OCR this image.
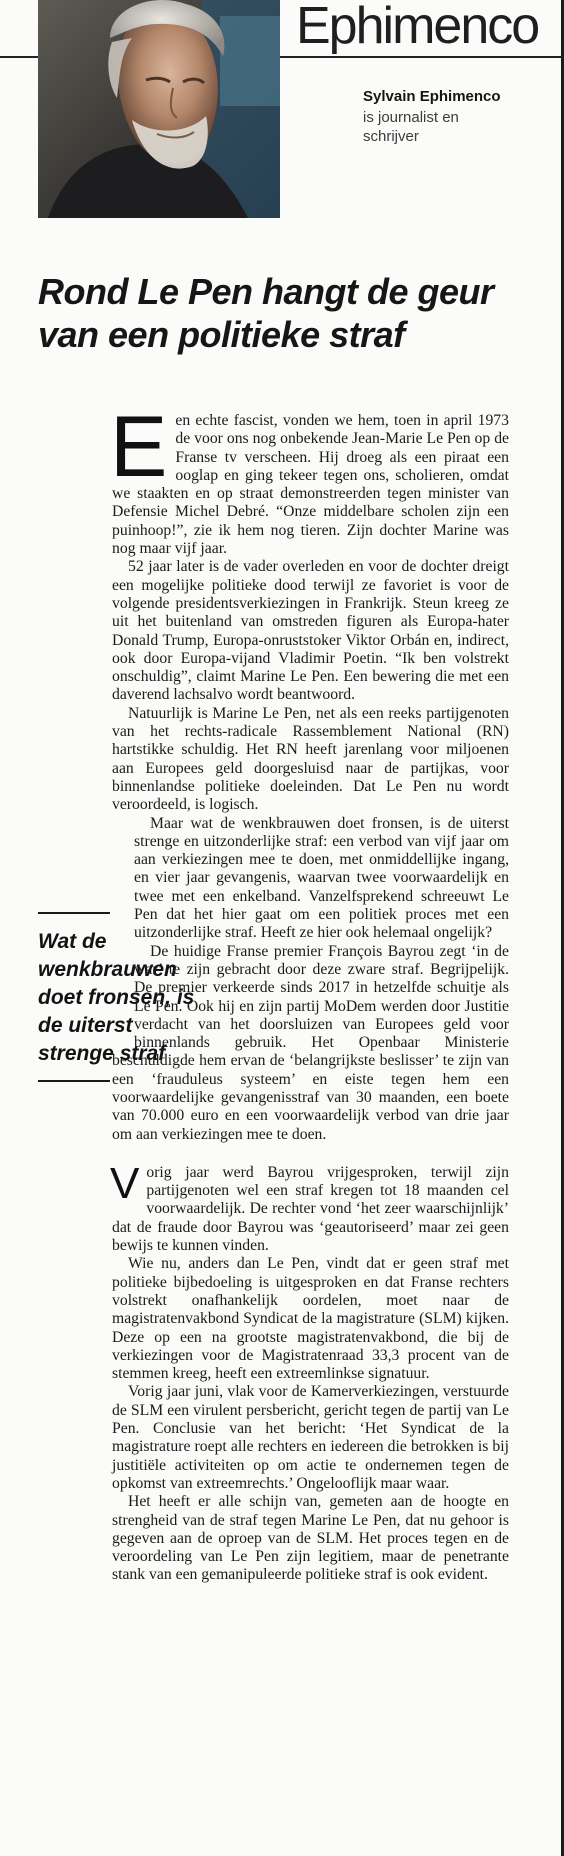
Ephimenco
Sylvain Ephimenco
is journalist en schrijver
Rond Le Pen hangt de geur van een politieke straf
Wat de wenkbrauwen doet fronsen, is de uiterst strenge straf

E en echte fascist, vonden we hem, toen in april 1973 de voor ons nog onbekende Jean-Marie Le Pen op de Franse tv verscheen. Hij droeg als een piraat een ooglap en ging tekeer tegen ons, scholieren, omdat we staakten en op straat demonstreerden tegen minister van Defensie Michel Debré. “Onze middelbare scholen zijn een puinhoop!”, zie ik hem nog tieren. Zijn dochter Marine was nog maar vijf jaar.

52 jaar later is de vader overleden en voor de dochter dreigt een mogelijke politieke dood terwijl ze favoriet is voor de volgende presidentsverkiezingen in Frankrijk. Steun kreeg ze uit het buitenland van omstreden figuren als Europa-hater Donald Trump, Europa-onruststoker Viktor Orbán en, indirect, ook door Europa-vijand Vladimir Poetin. “Ik ben volstrekt onschuldig”, claimt Marine Le Pen. Een bewering die met een daverend lachsalvo wordt beantwoord.

Natuurlijk is Marine Le Pen, net als een reeks partijgenoten van het rechts-radicale Rassemblement National (RN) hartstikke schuldig. Het RN heeft jarenlang voor miljoenen aan Europees geld doorgesluisd naar de partijkas, voor binnenlandse politieke doeleinden. Dat Le Pen nu wordt veroordeeld, is logisch.

Maar wat de wenkbrauwen doet fronsen, is de uiterst strenge en uitzonderlijke straf: een verbod van vijf jaar om aan verkiezingen mee te doen, met onmiddellijke ingang, en vier jaar gevangenis, waarvan twee voorwaardelijk en twee met een enkelband. Vanzelfsprekend schreeuwt Le Pen dat het hier gaat om een politiek proces met een uitzonderlijke straf. Heeft ze hier ook helemaal ongelijk?

De huidige Franse premier François Bayrou zegt ‘in de war’ te zijn gebracht door deze zware straf. Begrijpelijk. De premier verkeerde sinds 2017 in hetzelfde schuitje als Le Pen. Ook hij en zijn partij MoDem werden door Justitie verdacht van het doorsluizen van Europees geld voor binnenlands gebruik. Het Openbaar Ministerie beschuldigde hem ervan de ‘belangrijkste beslisser’ te zijn van een ‘frauduleus systeem’ en eiste tegen hem een voorwaardelijke gevangenisstraf van 30 maanden, een boete van 70.000 euro en een voorwaardelijk verbod van drie jaar om aan verkiezingen mee te doen.

V orig jaar werd Bayrou vrijgesproken, terwijl zijn partijgenoten wel een straf kregen tot 18 maanden cel voorwaardelijk. De rechter vond ‘het zeer waarschijnlijk’ dat de fraude door Bayrou was ‘geautoriseerd’ maar zei geen bewijs te kunnen vinden.

Wie nu, anders dan Le Pen, vindt dat er geen straf met politieke bijbedoeling is uitgesproken en dat Franse rechters volstrekt onafhankelijk oordelen, moet naar de magistratenvakbond Syndicat de la magistrature (SLM) kijken. Deze op een na grootste magistratenvakbond, die bij de verkiezingen voor de Magistratenraad 33,3 procent van de stemmen kreeg, heeft een extreemlinkse signatuur.

Vorig jaar juni, vlak voor de Kamerverkiezingen, verstuurde de SLM een virulent persbericht, gericht tegen de partij van Le Pen. Conclusie van het bericht: ‘Het Syndicat de la magistrature roept alle rechters en iedereen die betrokken is bij justitiële activiteiten op om actie te ondernemen tegen de opkomst van extreemrechts.’ Ongelooflijk maar waar.

Het heeft er alle schijn van, gemeten aan de hoogte en strengheid van de straf tegen Marine Le Pen, dat nu gehoor is gegeven aan de oproep van de SLM. Het proces tegen en de veroordeling van Le Pen zijn legitiem, maar de penetrante stank van een gemanipuleerde politieke straf is ook evident.
